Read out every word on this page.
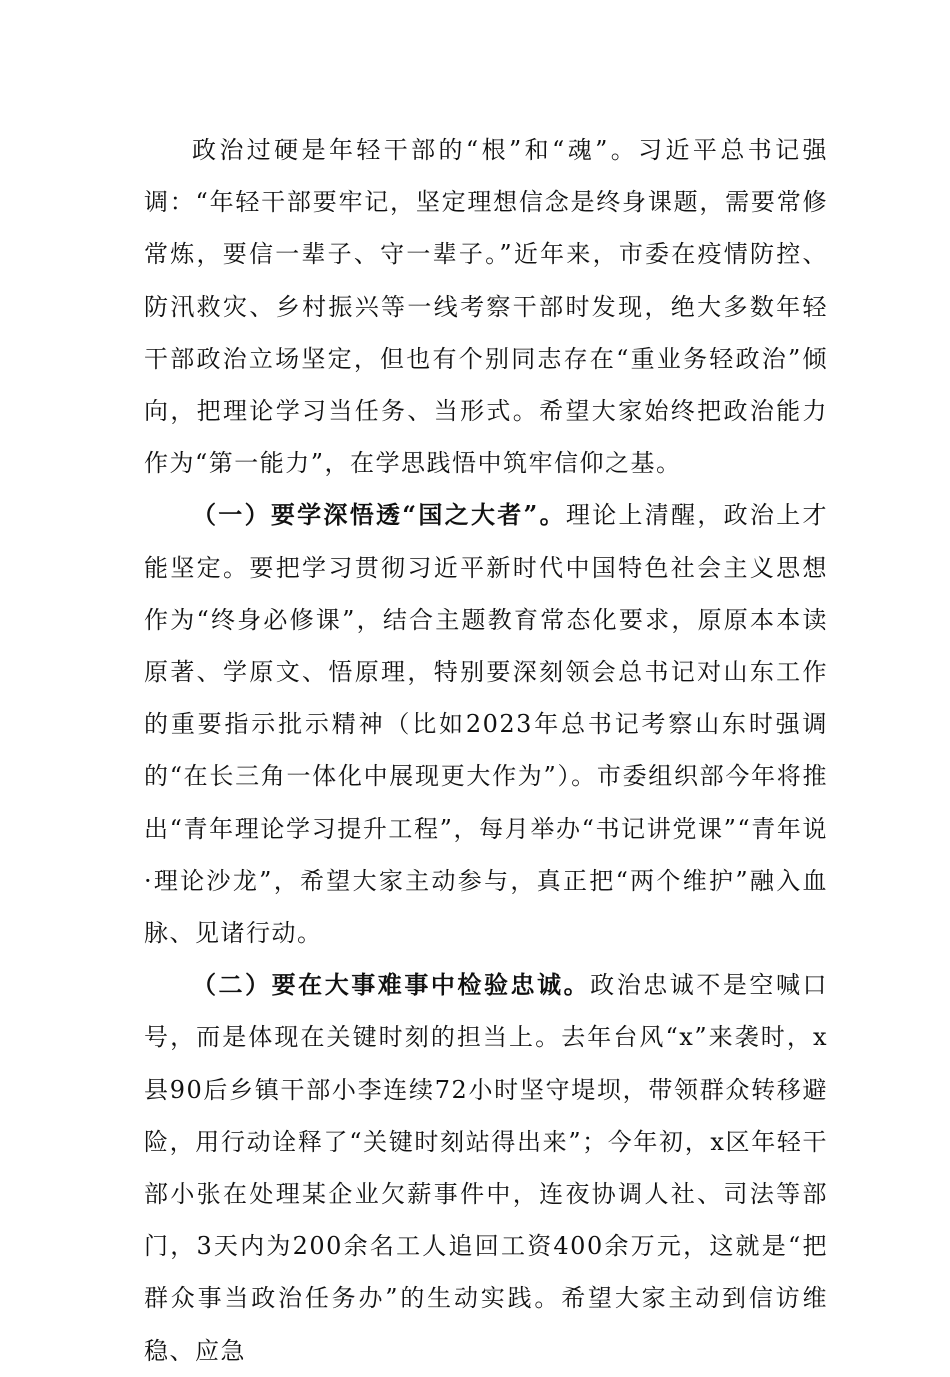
政治过硬是年轻干部的“根”和“魂”。习近平总书记强调：“年轻干部要牢记，坚定理想信念是终身课题，需要常修常炼，要信一辈子、守一辈子。”近年来，市委在疫情防控、防汛救灾、乡村振兴等一线考察干部时发现，绝大多数年轻干部政治立场坚定，但也有个别同志存在“重业务轻政治”倾向，把理论学习当任务、当形式。希望大家始终把政治能力作为“第一能力”，在学思践悟中筑牢信仰之基。

（一）要学深悟透“国之大者”。理论上清醒，政治上才能坚定。要把学习贯彻习近平新时代中国特色社会主义思想作为“终身必修课”，结合主题教育常态化要求，原原本本读原著、学原文、悟原理，特别要深刻领会总书记对山东工作的重要指示批示精神（比如2023年总书记考察山东时强调的“在长三角一体化中展现更大作为”）。市委组织部今年将推出“青年理论学习提升工程”，每月举办“书记讲党课”“青年说·理论沙龙”，希望大家主动参与，真正把“两个维护”融入血脉、见诸行动。

（二）要在大事难事中检验忠诚。政治忠诚不是空喊口号，而是体现在关键时刻的担当上。去年台风“x”来袭时，x县90后乡镇干部小李连续72小时坚守堤坝，带领群众转移避险，用行动诠释了“关键时刻站得出来”；今年初，x区年轻干部小张在处理某企业欠薪事件中，连夜协调人社、司法等部门，3天内为200余名工人追回工资400余万元，这就是“把群众事当政治任务办”的生动实践。希望大家主动到信访维稳、应急
